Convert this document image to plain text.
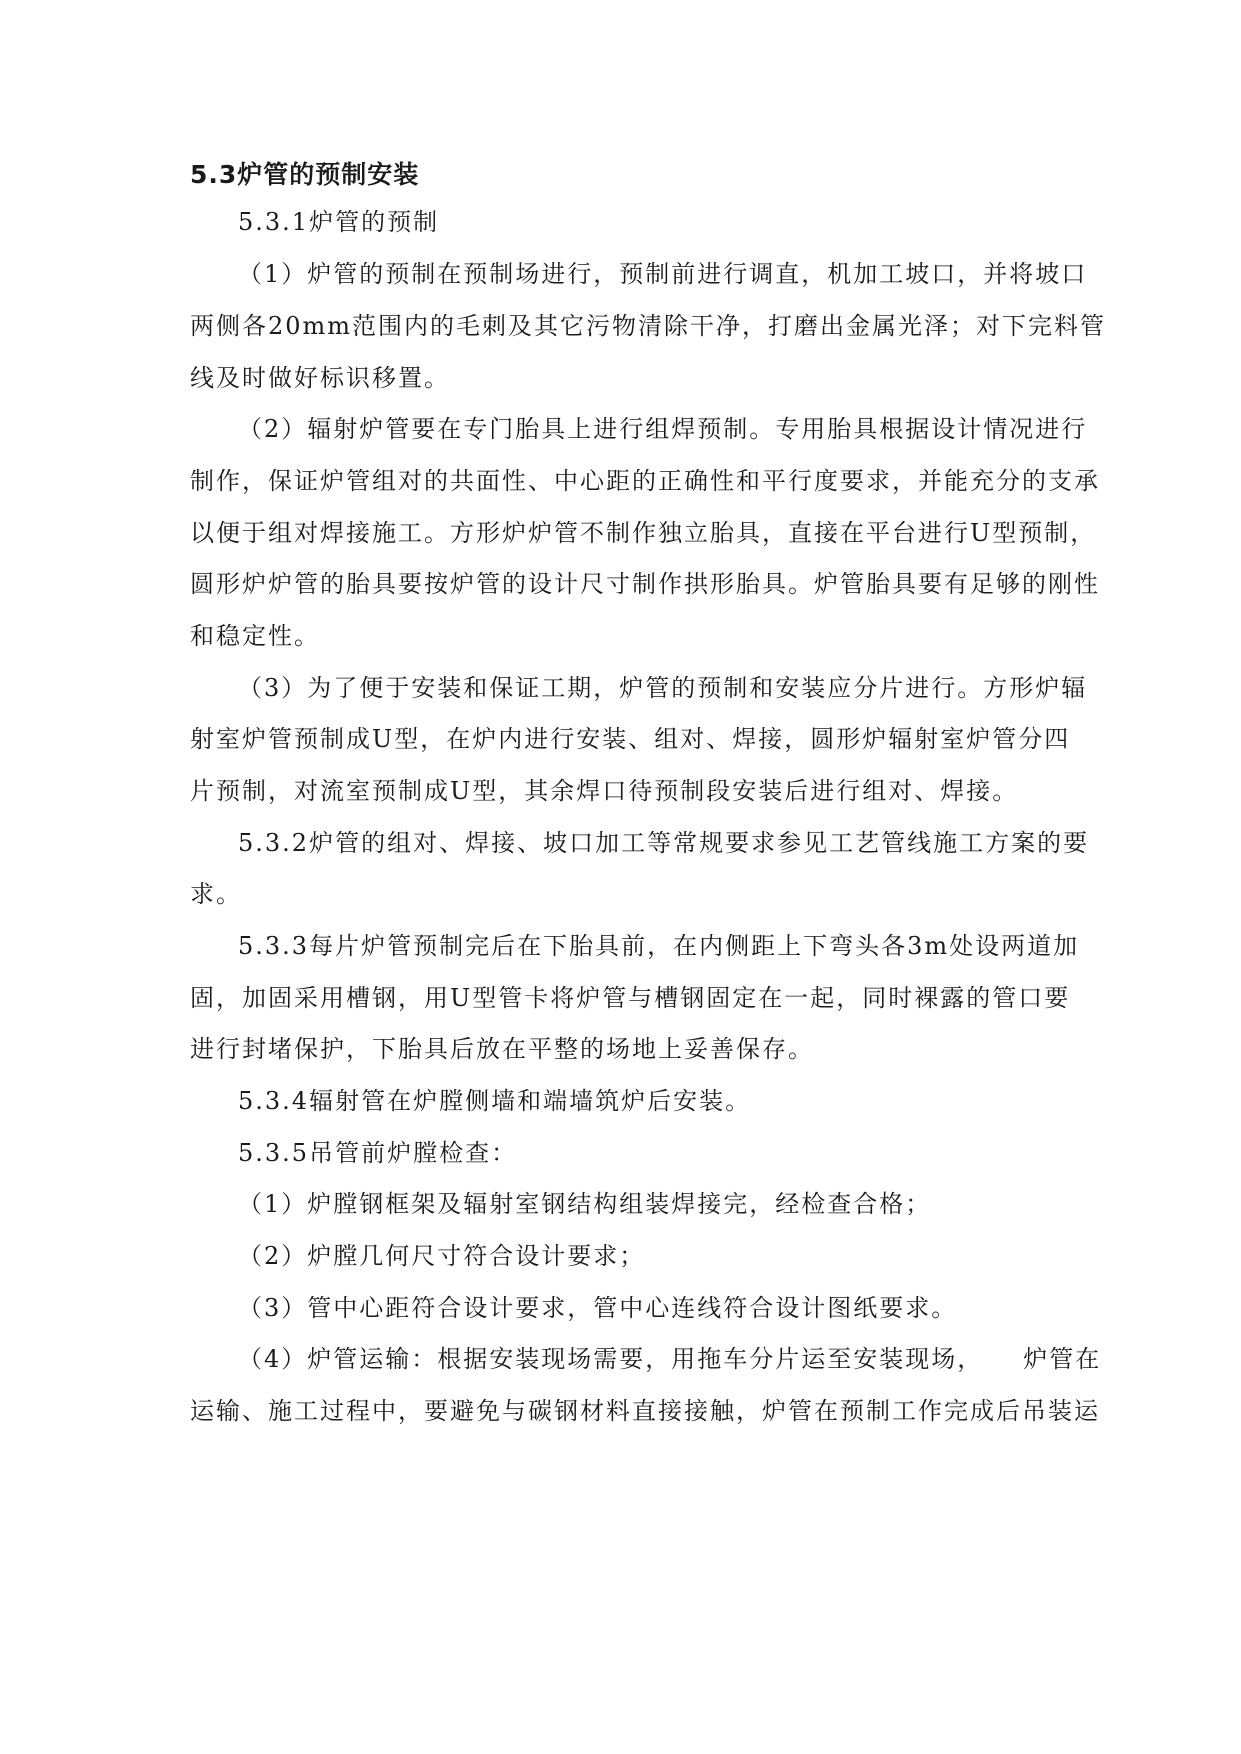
5.3炉管的预制安装

5.3.1炉管的预制

（1）炉管的预制在预制场进行，预制前进行调直，机加工坡口，并将坡口

两侧各20mm范围内的毛刺及其它污物清除干净，打磨出金属光泽；对下完料管

线及时做好标识移置。

（2）辐射炉管要在专门胎具上进行组焊预制。专用胎具根据设计情况进行

制作，保证炉管组对的共面性、中心距的正确性和平行度要求，并能充分的支承

以便于组对焊接施工。方形炉炉管不制作独立胎具，直接在平台进行U型预制，

圆形炉炉管的胎具要按炉管的设计尺寸制作拱形胎具。炉管胎具要有足够的刚性

和稳定性。

（3）为了便于安装和保证工期，炉管的预制和安装应分片进行。方形炉辐

射室炉管预制成U型，在炉内进行安装、组对、焊接，圆形炉辐射室炉管分四

片预制，对流室预制成U型，其余焊口待预制段安装后进行组对、焊接。

5.3.2炉管的组对、焊接、坡口加工等常规要求参见工艺管线施工方案的要

求。

5.3.3每片炉管预制完后在下胎具前，在内侧距上下弯头各3m处设两道加

固，加固采用槽钢，用U型管卡将炉管与槽钢固定在一起，同时裸露的管口要

进行封堵保护，下胎具后放在平整的场地上妥善保存。

5.3.4辐射管在炉膛侧墙和端墙筑炉后安装。

5.3.5吊管前炉膛检查：

（1）炉膛钢框架及辐射室钢结构组装焊接完，经检查合格；

（2）炉膛几何尺寸符合设计要求；

（3）管中心距符合设计要求，管中心连线符合设计图纸要求。

（4）炉管运输：根据安装现场需要，用拖车分片运至安装现场，　　炉管在

运输、施工过程中，要避免与碳钢材料直接接触，炉管在预制工作完成后吊装运
